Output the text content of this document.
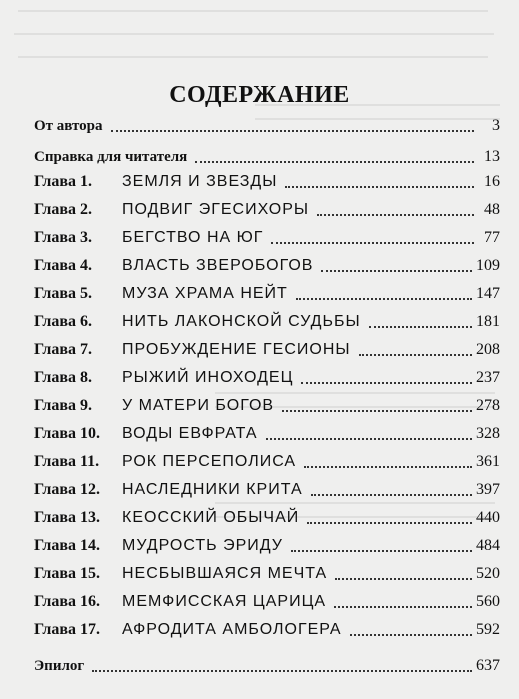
СОДЕРЖАНИЕ
От автора	3
Справка для читателя	13
Глава 1. ЗЕМЛЯ И ЗВЕЗДЫ	16
Глава 2. ПОДВИГ ЭГЕСИХОРЫ	48
Глава 3. БЕГСТВО НА ЮГ	77
Глава 4. ВЛАСТЬ ЗВЕРОБОГОВ	109
Глава 5. МУЗА ХРАМА НЕЙТ	147
Глава 6. НИТЬ ЛАКОНСКОЙ СУДЬБЫ	181
Глава 7. ПРОБУЖДЕНИЕ ГЕСИОНЫ	208
Глава 8. РЫЖИЙ ИНОХОДЕЦ	237
Глава 9. У МАТЕРИ БОГОВ	278
Глава 10. ВОДЫ ЕВФРАТА	328
Глава 11. РОК ПЕРСЕПОЛИСА	361
Глава 12. НАСЛЕДНИКИ КРИТА	397
Глава 13. КЕОССКИЙ ОБЫЧАЙ	440
Глава 14. МУДРОСТЬ ЭРИДУ	484
Глава 15. НЕСБЫВШАЯСЯ МЕЧТА	520
Глава 16. МЕМФИССКАЯ ЦАРИЦА	560
Глава 17. АФРОДИТА АМБОЛОГЕРА	592
Эпилог	637
